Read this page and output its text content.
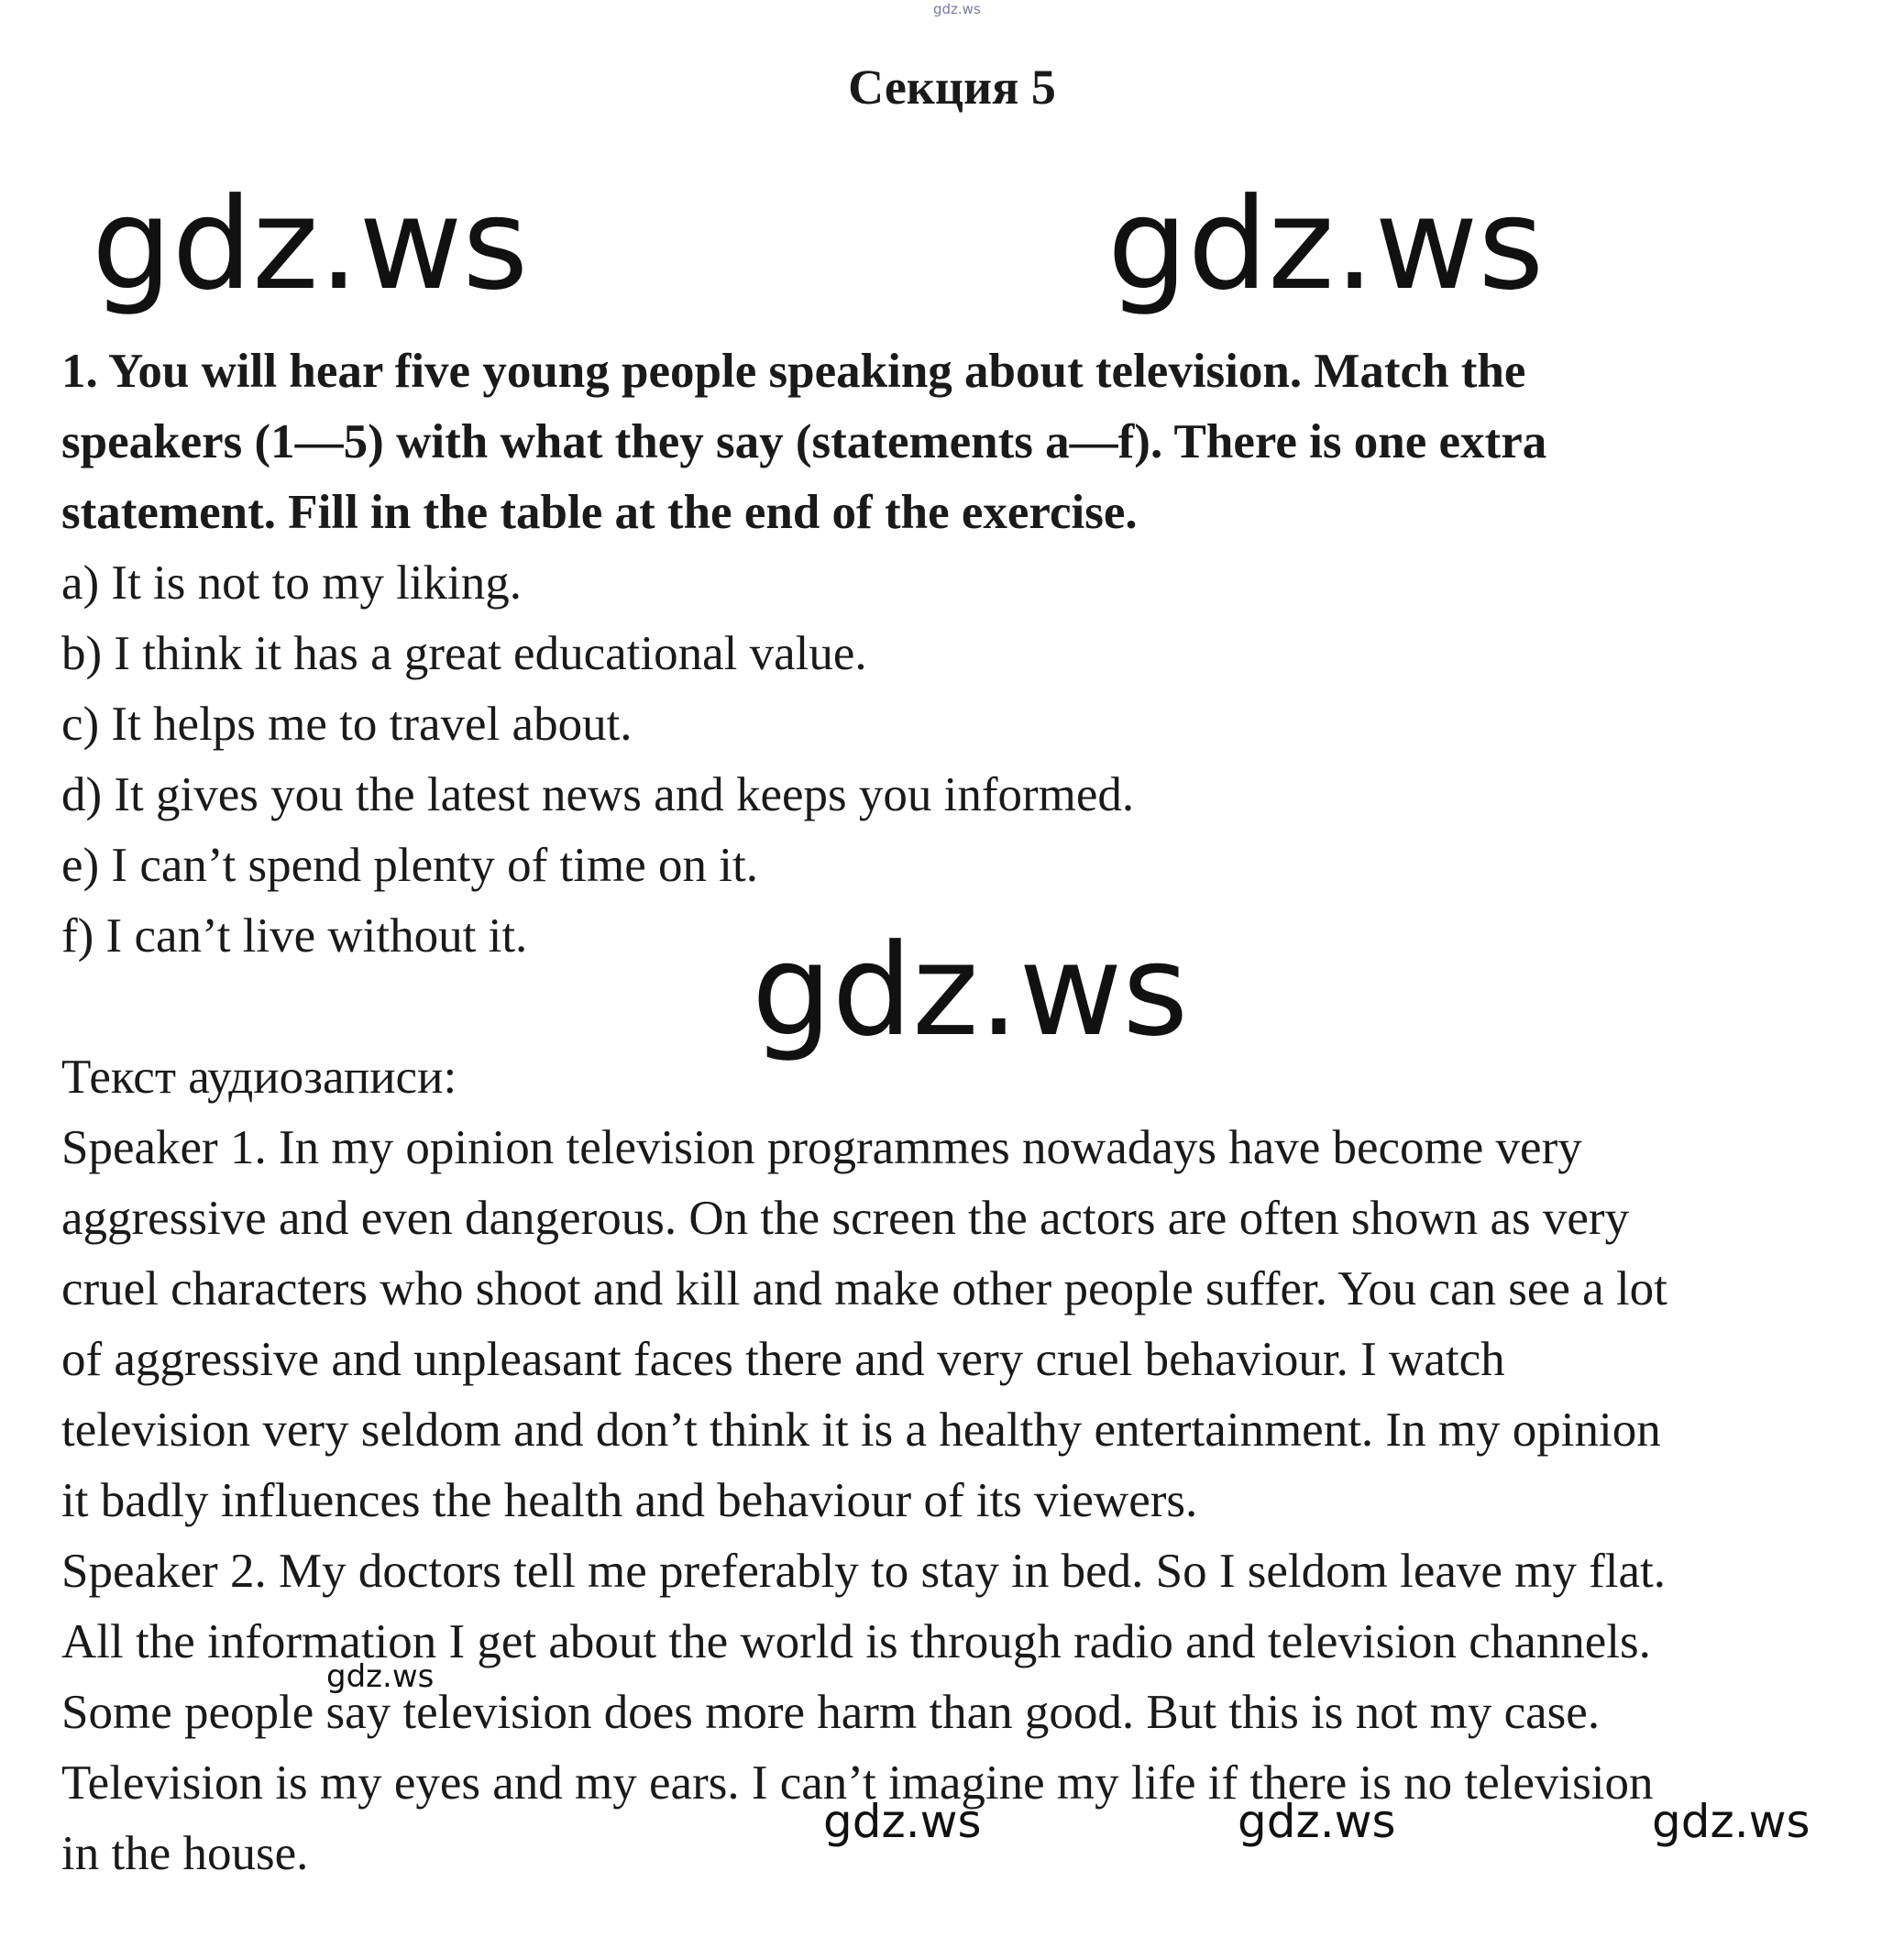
gdz.ws
Секция 5
gdz.ws	gdz.ws

1. You will hear five young people speaking about television. Match the

speakers (1—5) with what they say (statements a—f). There is one extra

statement. Fill in the table at the end of the exercise.

a) It is not to my liking.

b) I think it has a great educational value.

c) It helps me to travel about.

d) It gives you the latest news and keeps you informed.

e) I can’t spend plenty of time on it.

f) I can’t live without it.

Текст аудиозаписи:

Speaker 1. In my opinion television programmes nowadays have become very

aggressive and even dangerous. On the screen the actors are often shown as very

cruel characters who shoot and kill and make other people suffer. You can see a lot

of aggressive and unpleasant faces there and very cruel behaviour. I watch

television very seldom and don’t think it is a healthy entertainment. In my opinion

it badly influences the health and behaviour of its viewers.

Speaker 2. My doctors tell me preferably to stay in bed. So I seldom leave my flat.

All the information I get about the world is through radio and television channels.

Some people say television does more harm than good. But this is not my case.

Television is my eyes and my ears. I can’t imagine my life if there is no television

in the house.

gdz.ws
gdz.ws
gdz.ws	gdz.ws	gdz.ws
